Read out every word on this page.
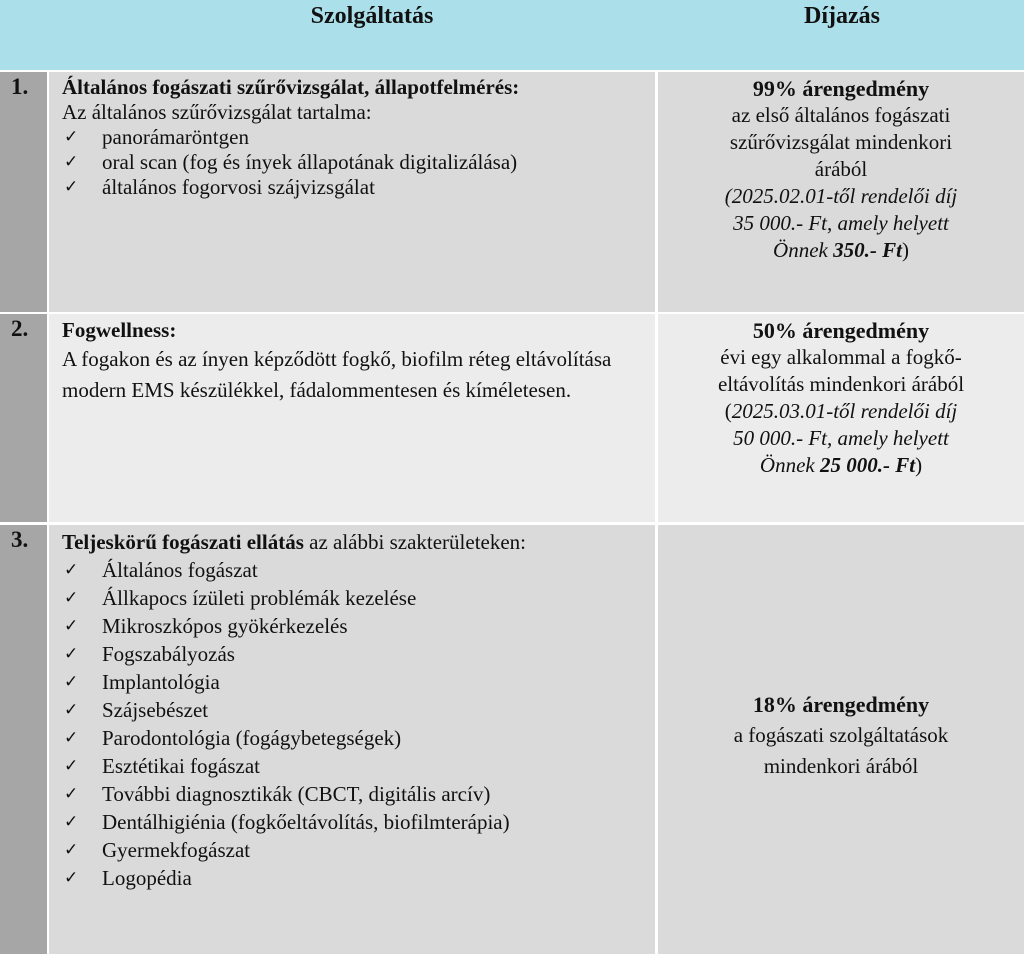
Szolgáltatás	Díjazás
1. Általános fogászati szűrővizsgálat, állapotfelmérés:
Az általános szűrővizsgálat tartalma:
✓ panorámaröntgen
✓ oral scan (fog és ínyek állapotának digitalizálása)
✓ általános fogorvosi szájvizsgálat
99% árengedmény
az első általános fogászati
szűrővizsgálat mindenkori
árából
(2025.02.01-től rendelői díj
35 000.- Ft, amely helyett
Önnek 350.- Ft)
2. Fogwellness:
A fogakon és az ínyen képződött fogkő, biofilm réteg eltávolítása modern EMS készülékkel, fádalommentesen és kíméletesen.
50% árengedmény
évi egy alkalommal a fogkő-
eltávolítás mindenkori árából
(2025.03.01-től rendelői díj
50 000.- Ft, amely helyett
Önnek 25 000.- Ft)
3. Teljeskörű fogászati ellátás az alábbi szakterületeken:
✓ Általános fogászat
✓ Állkapocs ízületi problémák kezelése
✓ Mikroszkópos gyökérkezelés
✓ Fogszabályozás
✓ Implantológia
✓ Szájsebészet
✓ Parodontológia (fogágybetegségek)
✓ Esztétikai fogászat
✓ További diagnosztikák (CBCT, digitális arcív)
✓ Dentálhigiénia (fogkőeltávolítás, biofilmterápia)
✓ Gyermekfogászat
✓ Logopédia
18% árengedmény
a fogászati szolgáltatások
mindenkori árából
